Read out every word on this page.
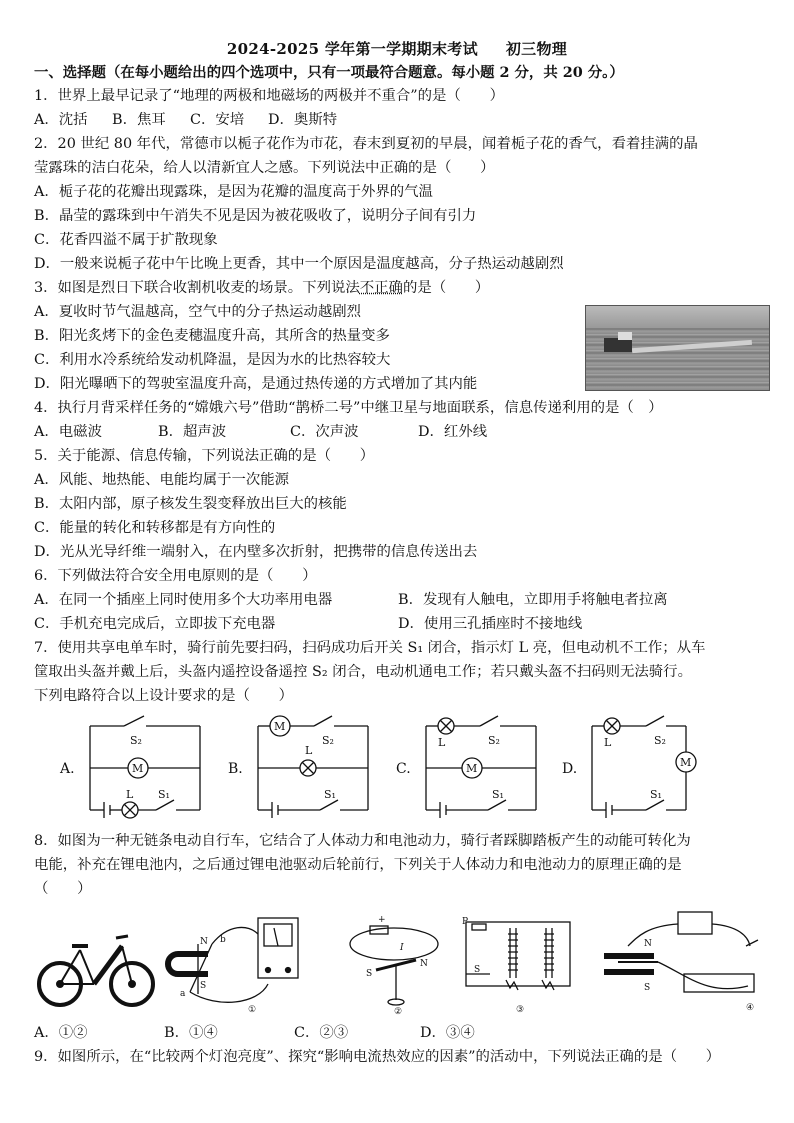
2024-2025 学年第一学期期末考试 初三物理
一、选择题（在每小题给出的四个选项中，只有一项最符合题意。每小题 2 分，共 20 分。）
1．世界上最早记录了“地理的两极和地磁场的两极并不重合”的是（　　）
A．沈括 B．焦耳 C．安培 D．奥斯特
2．20 世纪 80 年代，常德市以栀子花作为市花，春末到夏初的早晨，闻着栀子花的香气，看着挂满的晶
莹露珠的洁白花朵，给人以清新宜人之感。下列说法中正确的是（　　）
A．栀子花的花瓣出现露珠，是因为花瓣的温度高于外界的气温
B．晶莹的露珠到中午消失不见是因为被花吸收了，说明分子间有引力
C．花香四溢不属于扩散现象
D．一般来说栀子花中午比晚上更香，其中一个原因是温度越高，分子热运动越剧烈
3．如图是烈日下联合收割机收麦的场景。下列说法不正确的是（　　）
A．夏收时节气温越高，空气中的分子热运动越剧烈
B．阳光炙烤下的金色麦穗温度升高，其所含的热量变多
C．利用水冷系统给发动机降温，是因为水的比热容较大
D．阳光曝晒下的驾驶室温度升高，是通过热传递的方式增加了其内能
4．执行月背采样任务的“嫦娥六号”借助“鹊桥二号”中继卫星与地面联系，信息传递利用的是（　）
A．电磁波	B．超声波	C．次声波	D．红外线
5．关于能源、信息传输，下列说法正确的是（　　）
A．风能、地热能、电能均属于一次能源
B．太阳内部，原子核发生裂变释放出巨大的核能
C．能量的转化和转移都是有方向性的
D．光从光导纤维一端射入，在内壁多次折射，把携带的信息传送出去
6．下列做法符合安全用电原则的是（　　）
A．在同一个插座上同时使用多个大功率用电器	B．发现有人触电，立即用手将触电者拉离
C．手机充电完成后，立即拔下充电器	D．使用三孔插座时不接地线
7．使用共享电单车时，骑行前先要扫码，扫码成功后开关 S₁ 闭合，指示灯 L 亮，但电动机不工作；从车
筐取出头盔并戴上后，头盔内遥控设备遥控 S₂ 闭合，电动机通电工作；若只戴头盔不扫码则无法骑行。
下列电路符合以上设计要求的是（　　）
A.	M
S₂
L S₁
B.
M
S₂
L
S₁
C.	M
L	S₂
S₁
D.	M
L	S₂
S₁
8．如图为一种无链条电动自行车，它结合了人体动力和电池动力，骑行者踩脚踏板产生的动能可转化为
电能，补充在锂电池内，之后通过锂电池驱动后轮前行，下列关于人体动力和电池动力的原理正确的是
（　　）
N
S
a
b
①
+
I
S
N
②
P
S
③
N
S
④
A．①②	B．①④	C．②③	D．③④
9．如图所示，在“比较两个灯泡亮度”、探究“影响电流热效应的因素”的活动中，下列说法正确的是（　　）
